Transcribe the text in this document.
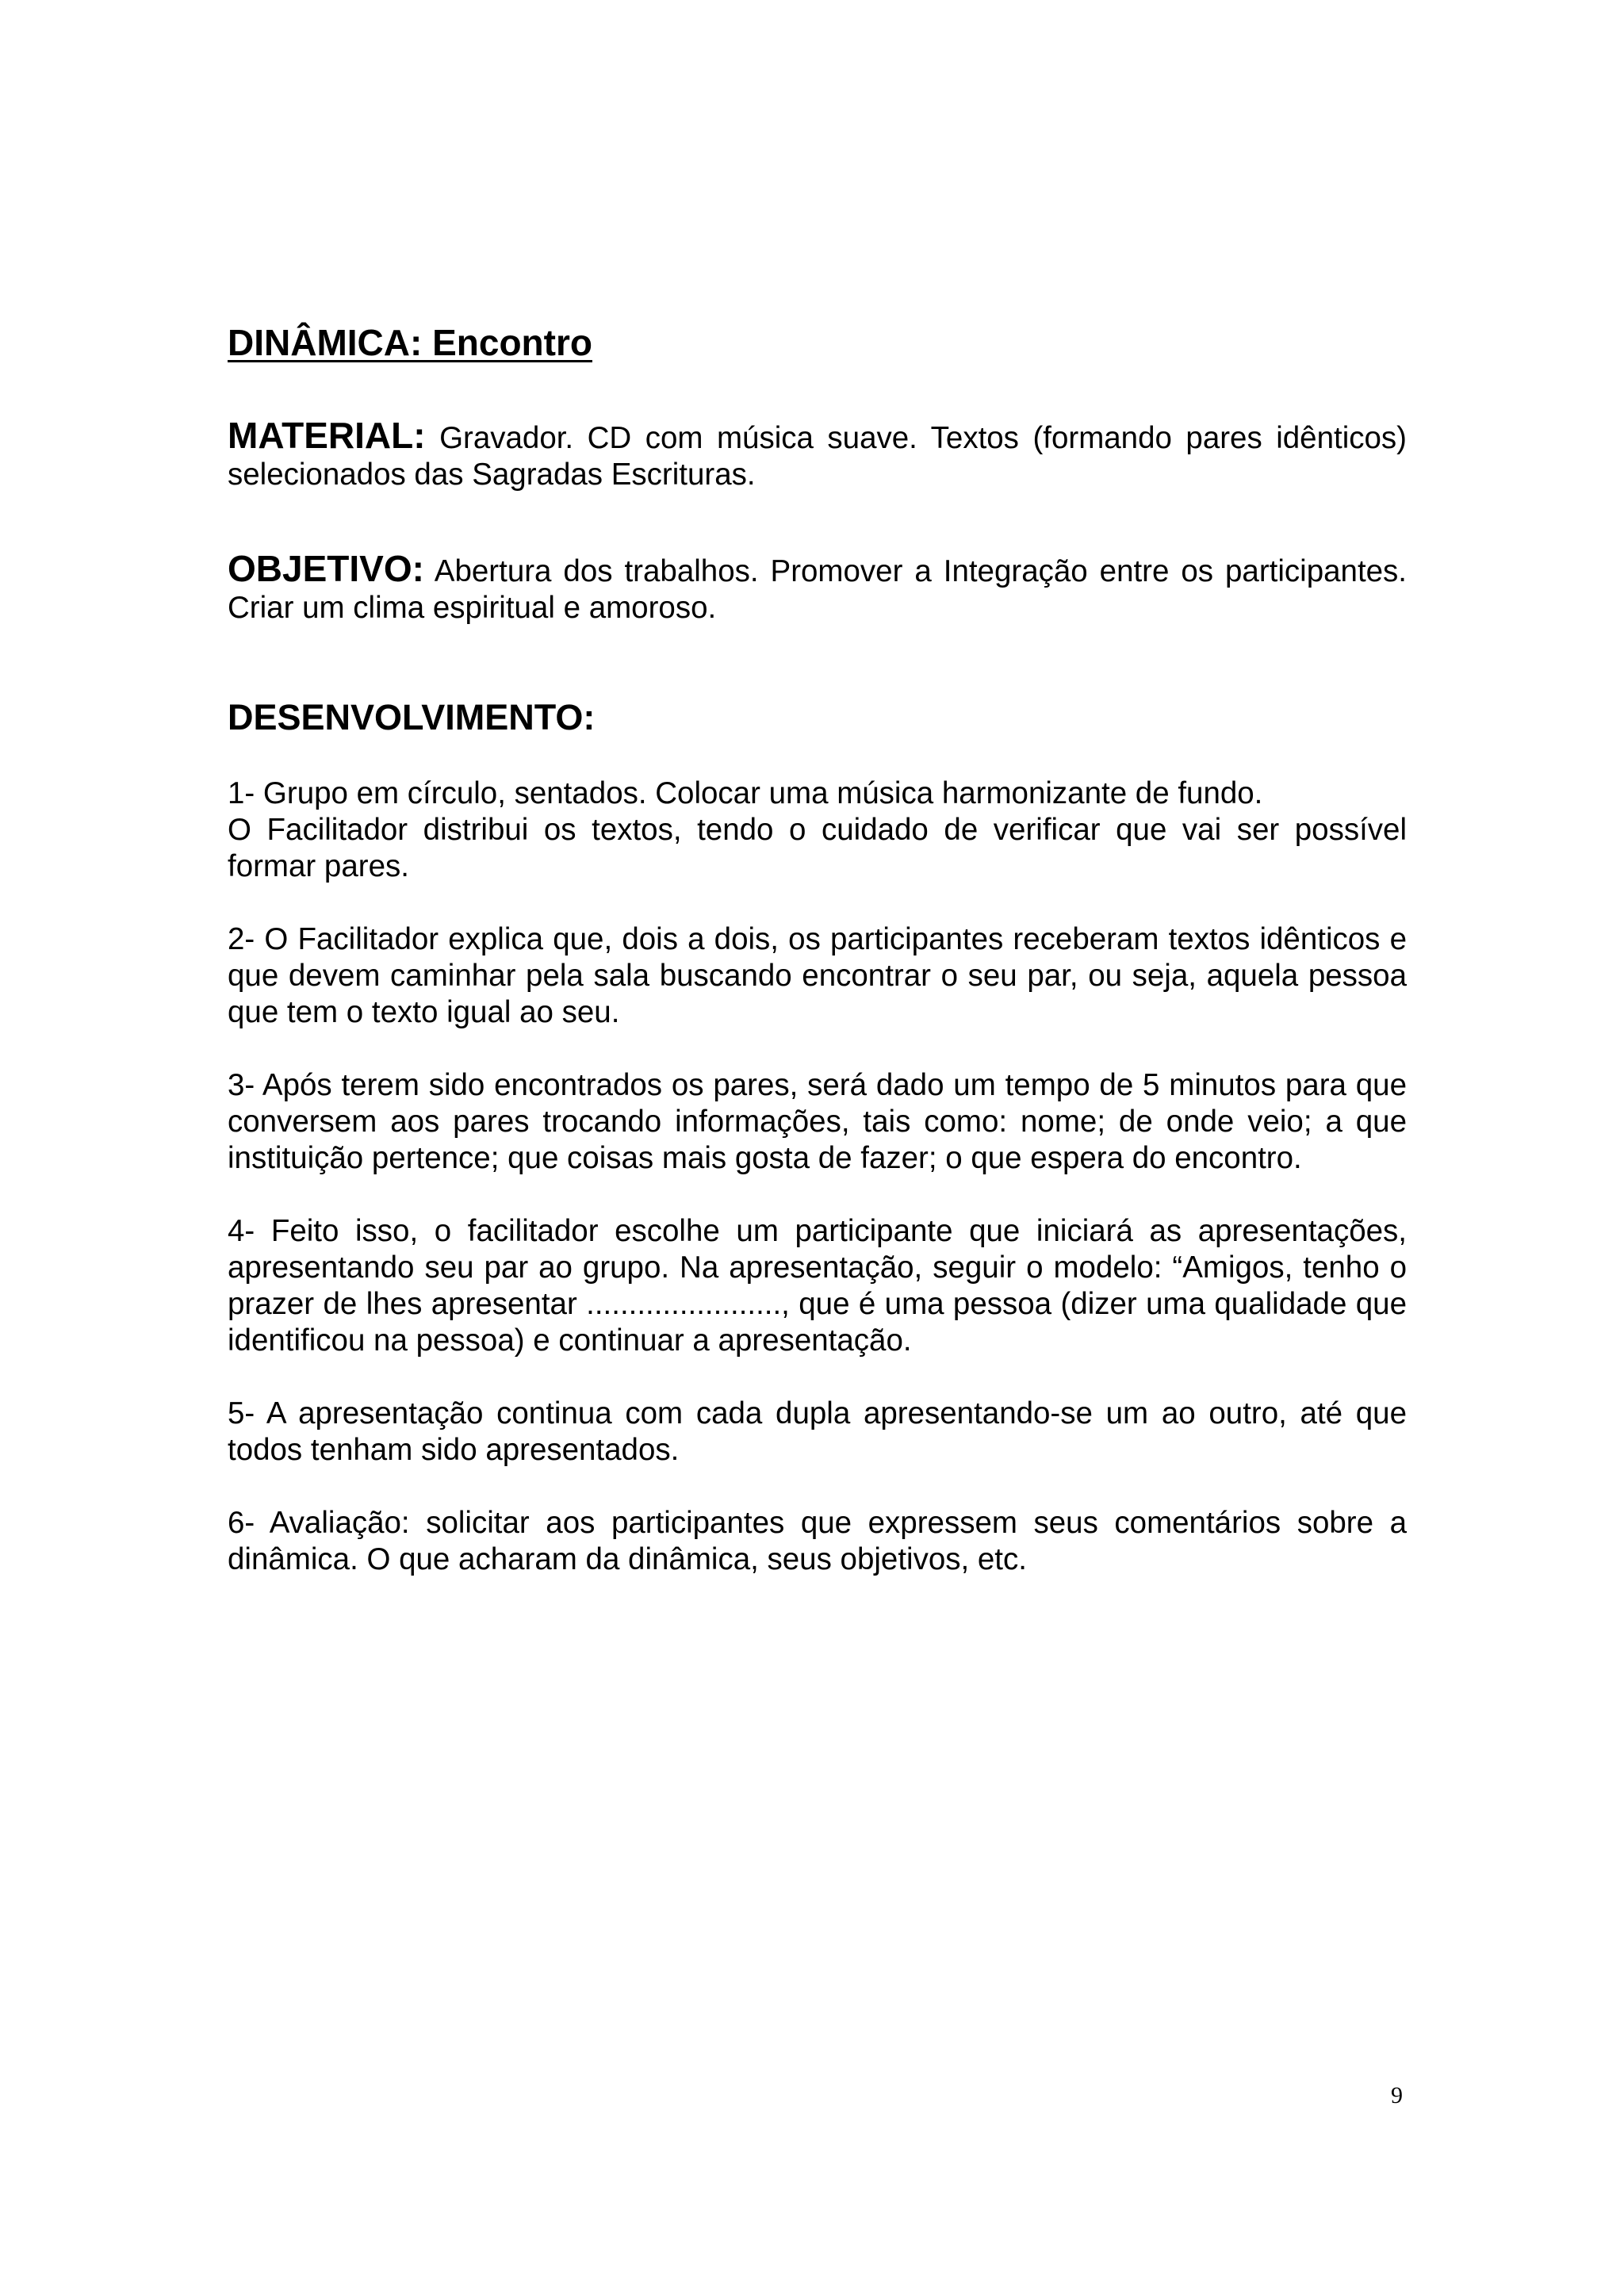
DINÂMICA: Encontro

MATERIAL: Gravador. CD com música suave. Textos (formando pares idênticos) selecionados das Sagradas Escrituras.

OBJETIVO: Abertura dos trabalhos. Promover a Integração entre os participantes. Criar um clima espiritual e amoroso.

DESENVOLVIMENTO:

1- Grupo em círculo, sentados. Colocar uma música harmonizante de fundo.
O Facilitador distribui os textos, tendo o cuidado de verificar que vai ser possível formar pares.

2- O Facilitador explica que, dois a dois, os participantes receberam textos idênticos e que devem caminhar pela sala buscando encontrar o seu par, ou seja, aquela pessoa que tem o texto igual ao seu.

3- Após terem sido encontrados os pares, será dado um tempo de 5 minutos para que conversem aos pares trocando informações, tais como: nome; de onde veio; a que instituição pertence; que coisas mais gosta de fazer; o que espera do encontro.

4- Feito isso, o facilitador escolhe um participante que iniciará as apresentações, apresentando seu par ao grupo. Na apresentação, seguir o modelo: “Amigos, tenho o prazer de lhes apresentar ......................., que é uma pessoa (dizer uma qualidade que identificou na pessoa) e continuar a apresentação.

5- A apresentação continua com cada dupla apresentando-se um ao outro, até que todos tenham sido apresentados.

6- Avaliação: solicitar aos participantes que expressem seus comentários sobre a dinâmica. O que acharam da dinâmica, seus objetivos, etc.

9
